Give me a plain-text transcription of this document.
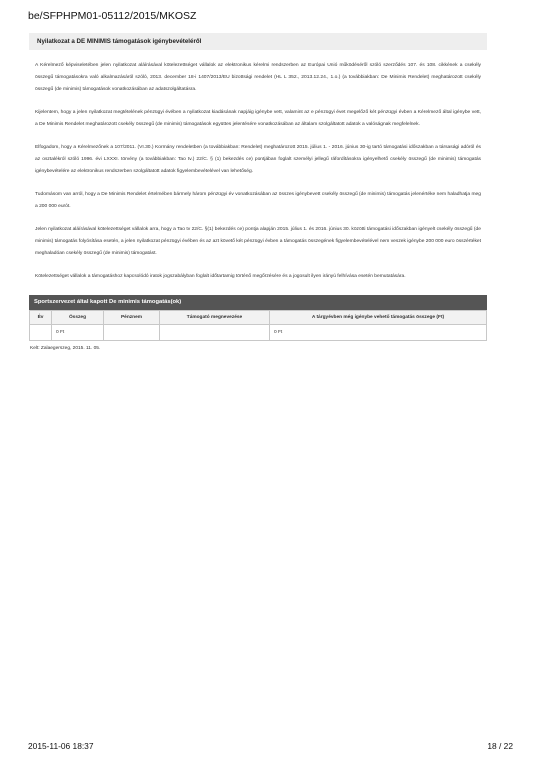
be/SFPHPM01-05112/2015/MKOSZ
Nyilatkozat a DE MINIMIS támogatások igénybevételéről

A Kérelmező képviseletében jelen nyilatkozat aláírásával kötelezettséget vállalok az elektronikus kérelmi rendszerben az Európai Unió működéséről szóló szerződés 107. és 108. cikkének a csekély összegű támogatásokra való alkalmazásáról szóló, 2013. december 18-i 1407/2013/EU bizottsági rendelet (HL L 352., 2013.12.24., 1.o.) (a továbbiakban: De Minimis Rendelet) meghatározott csekély összegű (de minimis) támogatások vonatkozásában az adatszolgáltatásra.

Kijelentem, hogy a jelen nyilatkozat megtételének pénzügyi évében a nyilatkozat kiadásának napjáig igénybe vett, valamint az e pénzügyi évet megelőző két pénzügyi évben a Kérelmező által igénybe vett, a De Minimis Rendelet meghatározott csekély összegű (de minimis) támogatások együttes jelentésére vonatkozásában az általam szolgáltatott adatok a valóságnak megfelelnek.

Elfogadom, hogy a Kérelmezőnek a 107/2011. (VI.30.) Kormány rendeletben (a továbbiakban: Rendelet) meghatározott 2015. július 1. - 2016. június 30-ig tartó támogatási időszakban a társasági adóról és az osztalékról szóló 1996. évi LXXXI. törvény (a továbbiakban: Tao tv.) 22/C. § (1) bekezdés ce) pontjában foglalt személyi jellegű ráfordításokra igényelhető csekély összegű (de minimis) támogatás igénybevételére az elektronikus rendszerben szolgáltatott adatok figyelembevételével van lehetőség.

Tudomásom van arról, hogy a De Minimis Rendelet értelmében bármely három pénzügyi év vonatkozásában az összes igénybevett csekély összegű (de minimis) támogatás jelenértéke nem haladhatja meg a 200 000 eurót.

Jelen nyilatkozat aláírásával kötelezettséget vállalok arra, hogy a Tao tv 22/C. §(1) bekezdés ce) pontja alapján 2015. július 1. és 2016. június 30. közötti támogatási időszakban igényelt csekély összegű (de minimis) támogatás folyósítása esetén, a jelen nyilatkozat pénzügyi évében és az azt követő két pénzügyi évben a támogatás összegének figyelembevételével nem veszek igénybe 200 000 euro összértéket meghaladóan csekély összegű (de minimis) támogatást.

Kötelezettséget vállalok a támogatáshoz kapcsolódó iratok jogszabályban foglalt időtartamig történő megőrzésére és a jogosult ilyen irányú felhívása esetén bemutatására.

Sportszervezet által kapott De minimis támogatás(ok)
Év	Összeg	Pénznem	Támogató megnevezése	A tárgyévben még igénybe vehető támogatás összege (Ft)
	0 Ft			0 Ft
Kelt: Zalaegerszeg, 2015. 11. 05.
2015-11-06 18:37	18 / 22
